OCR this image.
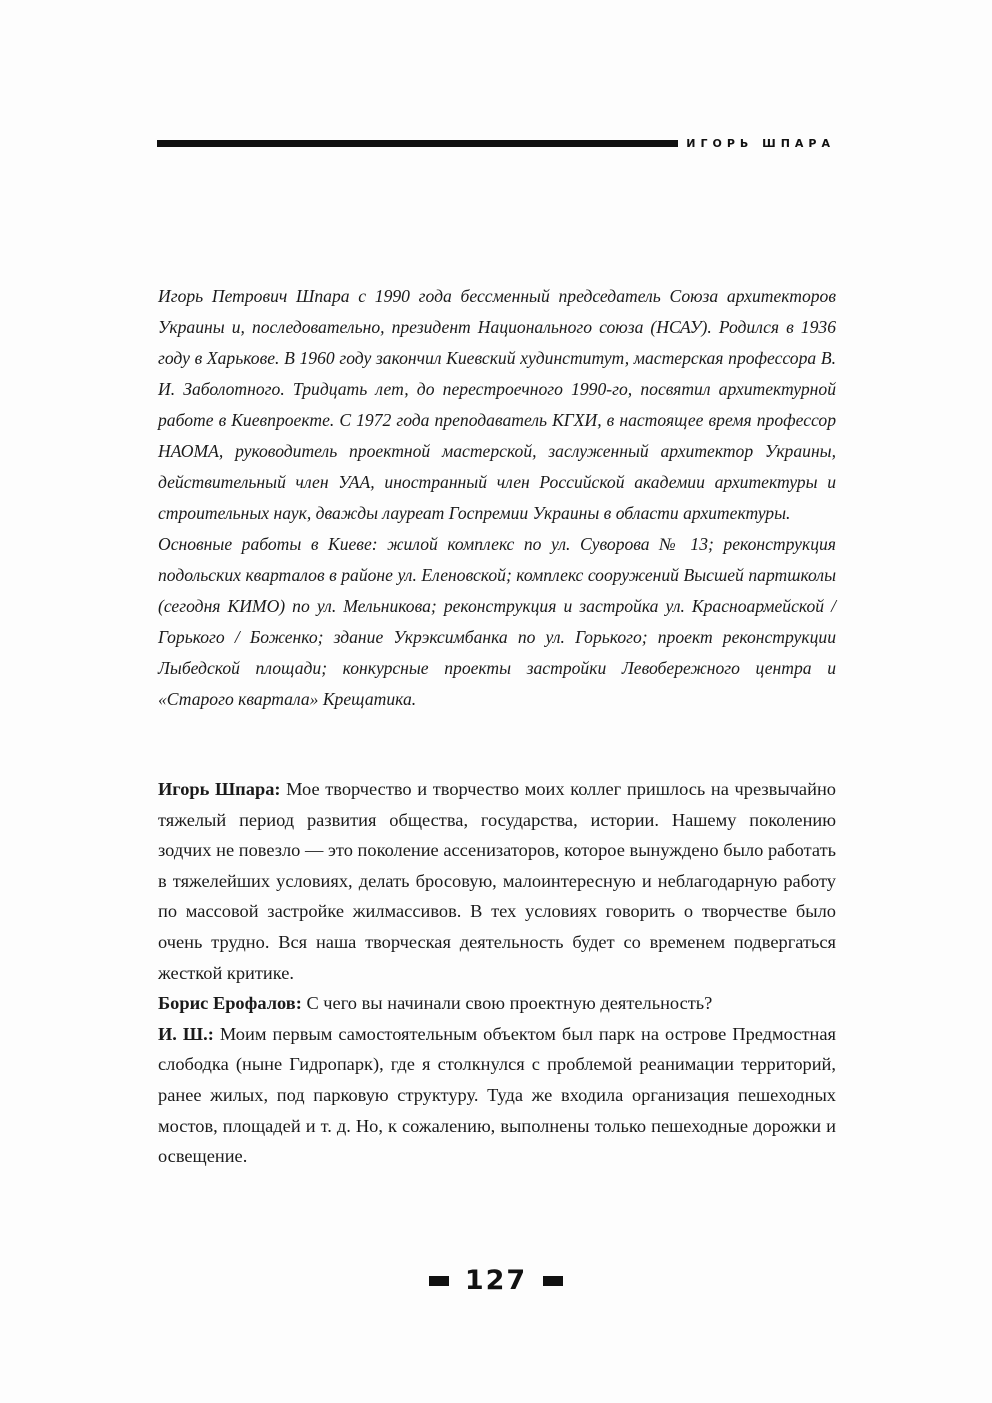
ИГОРЬ ШПАРА

Игорь Петрович Шпара с 1990 года бессменный председатель Союза архитекторов Украины и, последовательно, президент Национального союза (НСАУ). Родился в 1936 году в Харькове. В 1960 году закончил Киевский худинститут, мастерская профессора В. И. Заболотного. Тридцать лет, до перестроечного 1990-го, посвятил архитектурной работе в Киевпроекте. С 1972 года преподаватель КГХИ, в настоящее время профессор НАОМА, руководитель проектной мастерской, заслуженный архитектор Украины, действительный член УАА, иностранный член Российской академии архитектуры и строительных наук, дважды лауреат Госпремии Украины в области архитектуры.

Основные работы в Киеве: жилой комплекс по ул. Суворова № 13; реконструкция подольских кварталов в районе ул. Еленовской; комплекс сооружений Высшей партшколы (сегодня КИМО) по ул. Мельникова; реконструкция и застройка ул. Красноармейской / Горького / Боженко; здание Укрэксимбанка по ул. Горького; проект реконструкции Лыбедской площади; конкурсные проекты застройки Левобережного центра и «Старого квартала» Крещатика.

Игорь Шпара: Мое творчество и творчество моих коллег пришлось на чрезвычайно тяжелый период развития общества, государства, истории. Нашему поколению зодчих не повезло — это поколение ассенизаторов, которое вынуждено было работать в тяжелейших условиях, делать бросовую, малоинтересную и неблагодарную работу по массовой застройке жилмассивов. В тех условиях говорить о творчестве было очень трудно. Вся наша творческая деятельность будет со временем подвергаться жесткой критике.

Борис Ерофалов: С чего вы начинали свою проектную деятельность?

И. Ш.: Моим первым самостоятельным объектом был парк на острове Предмостная слободка (ныне Гидропарк), где я столкнулся с проблемой реанимации территорий, ранее жилых, под парковую структуру. Туда же входила организация пешеходных мостов, площадей и т. д. Но, к сожалению, выполнены только пешеходные дорожки и освещение.

127
